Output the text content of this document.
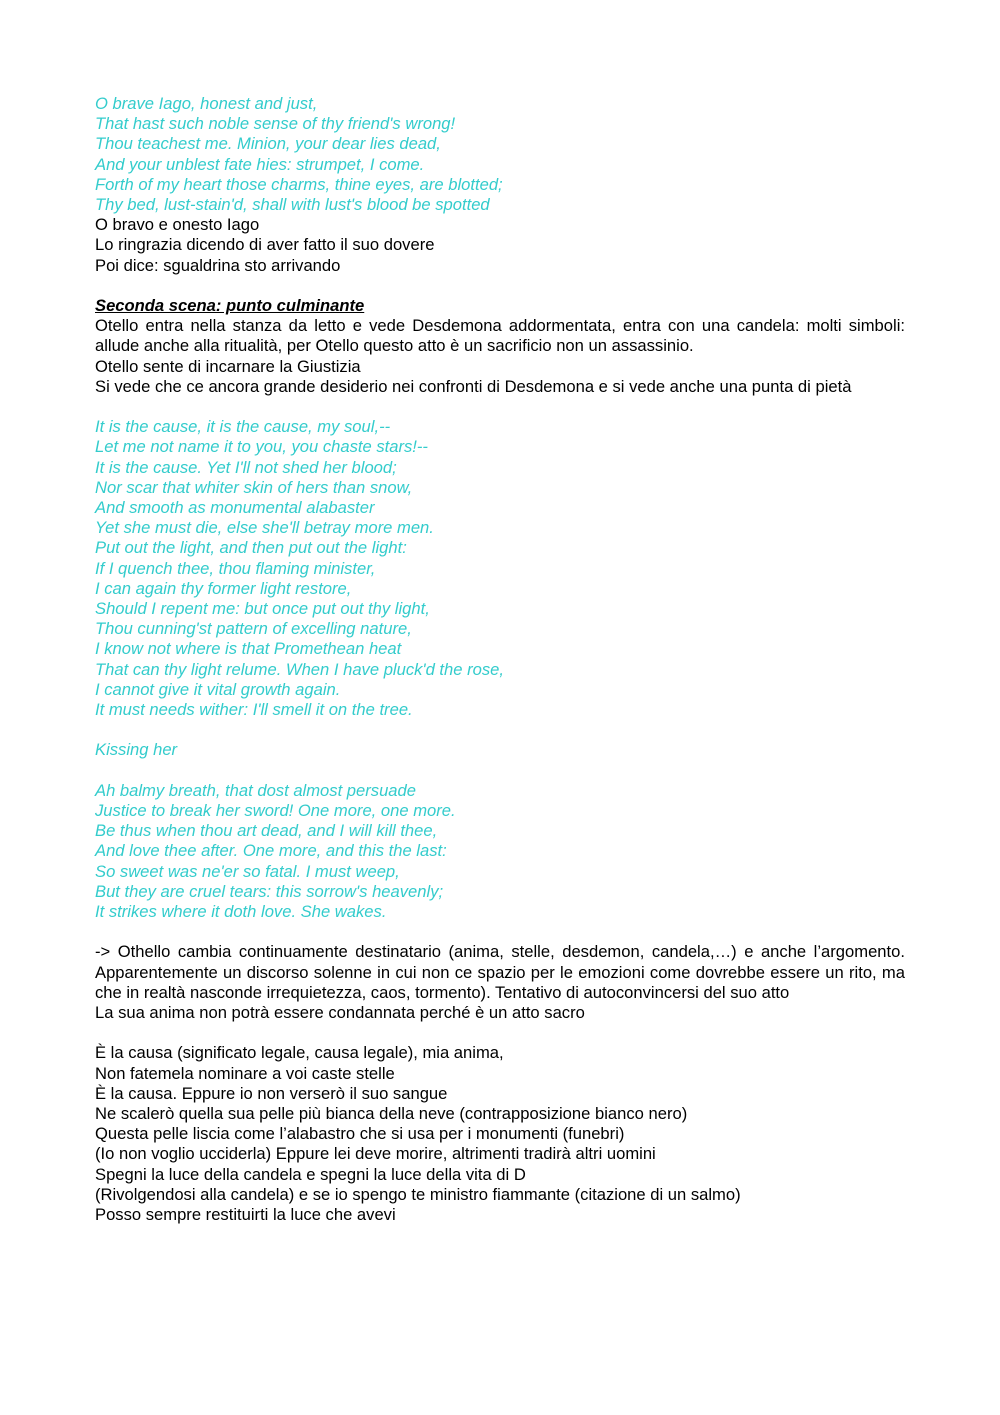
O brave Iago, honest and just,

That hast such noble sense of thy friend's wrong!

Thou teachest me. Minion, your dear lies dead,

And your unblest fate hies: strumpet, I come.

Forth of my heart those charms, thine eyes, are blotted;

Thy bed, lust-stain'd, shall with lust's blood be spotted

O bravo e onesto Iago

Lo ringrazia dicendo di aver fatto il suo dovere

Poi dice: sgualdrina sto arrivando

Seconda scena: punto culminante

Otello entra nella stanza da letto e vede Desdemona addormentata, entra con una candela: molti simboli: allude anche alla ritualità, per Otello questo atto è un sacrificio non un assassinio.

Otello sente di incarnare la Giustizia

Si vede che ce ancora grande desiderio nei confronti di Desdemona e si vede anche una punta di pietà

It is the cause, it is the cause, my soul,--

Let me not name it to you, you chaste stars!--

It is the cause. Yet I'll not shed her blood;

Nor scar that whiter skin of hers than snow,

And smooth as monumental alabaster

Yet she must die, else she'll betray more men.

Put out the light, and then put out the light:

If I quench thee, thou flaming minister,

I can again thy former light restore,

Should I repent me: but once put out thy light,

Thou cunning'st pattern of excelling nature,

I know not where is that Promethean heat

That can thy light relume. When I have pluck'd the rose,

I cannot give it vital growth again.

It must needs wither: I'll smell it on the tree.

Kissing her

Ah balmy breath, that dost almost persuade

Justice to break her sword! One more, one more.

Be thus when thou art dead, and I will kill thee,

And love thee after. One more, and this the last:

So sweet was ne'er so fatal. I must weep,

But they are cruel tears: this sorrow's heavenly;

It strikes where it doth love. She wakes.

-> Othello cambia continuamente destinatario (anima, stelle, desdemon, candela,…) e anche l’argomento. Apparentemente un discorso solenne in cui non ce spazio per le emozioni come dovrebbe essere un rito, ma che in realtà nasconde irrequietezza, caos, tormento). Tentativo di autoconvincersi del suo atto

La sua anima non potrà essere condannata perché è un atto sacro

È la causa (significato legale, causa legale), mia anima,

Non fatemela nominare a voi caste stelle

È la causa. Eppure io non verserò il suo sangue

Ne scalerò quella sua pelle più bianca della neve (contrapposizione bianco nero)

Questa pelle liscia come l’alabastro che si usa per i monumenti (funebri)

(Io non voglio ucciderla) Eppure lei deve morire, altrimenti tradirà altri uomini

Spegni la luce della candela e spegni la luce della vita di D

(Rivolgendosi alla candela) e se io spengo te ministro fiammante (citazione di un salmo)

Posso sempre restituirti la luce che avevi
